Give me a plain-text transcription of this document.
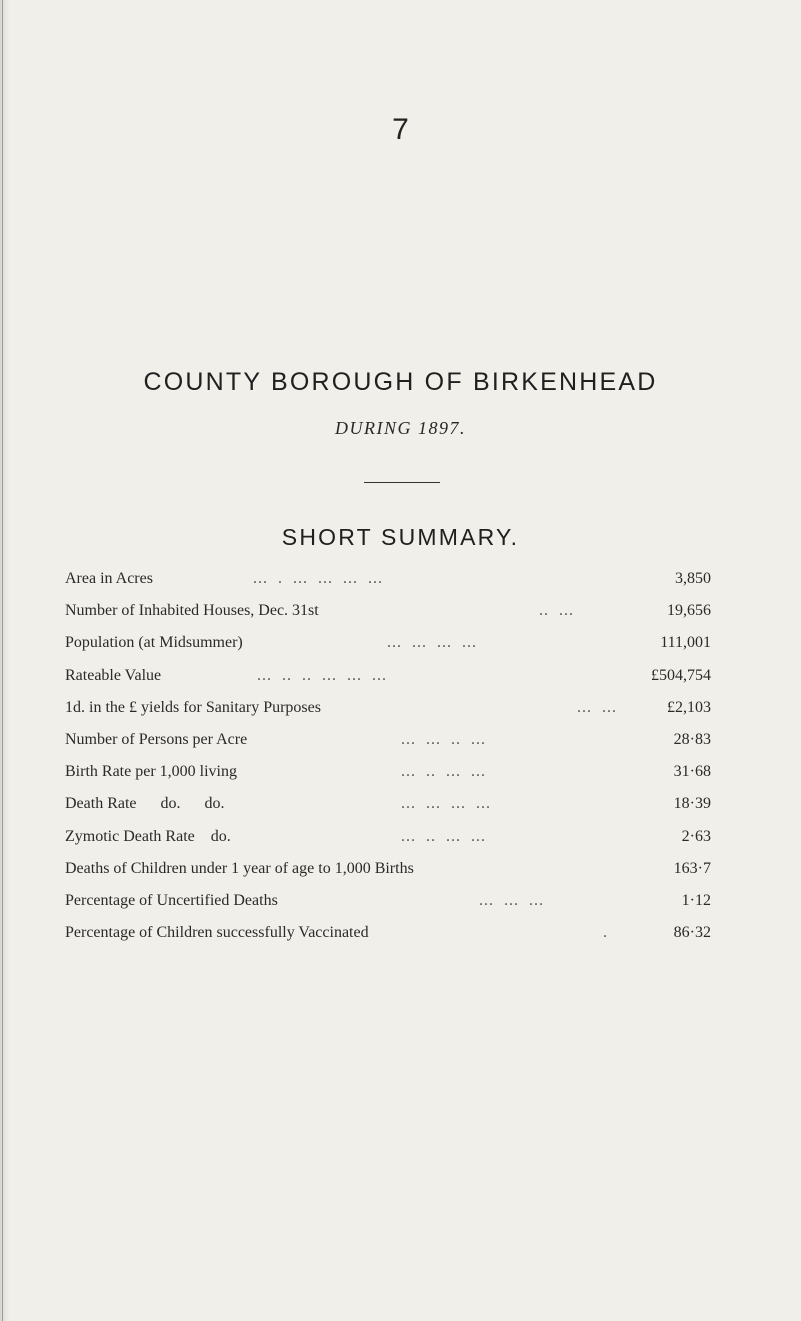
7
COUNTY BOROUGH OF BIRKENHEAD
DURING 1897.
SHORT SUMMARY.
Area in Acres	...  .  ...  ...  ...  ...	3,850
Number of Inhabited Houses, Dec. 31st	..  ...	19,656
Population (at Midsummer)	...  ...  ...  ...	111,001
Rateable Value	...  ..  ..  ...  ...  ...	£504,754
1d. in the £ yields for Sanitary Purposes	...  ...	£2,103
Number of Persons per Acre	...  ...  ..  ...	28·83
Birth Rate per 1,000 living	...  ..  ...  ...	31·68
Death Rate      do.      do.	...  ...  ...  ...	18·39
Zymotic Death Rate    do.	...  ..  ...  ...	2·63
Deaths of Children under 1 year of age to 1,000 Births	163·7
Percentage of Uncertified Deaths	...  ...  ...	1·12
Percentage of Children successfully Vaccinated	.	86·32
